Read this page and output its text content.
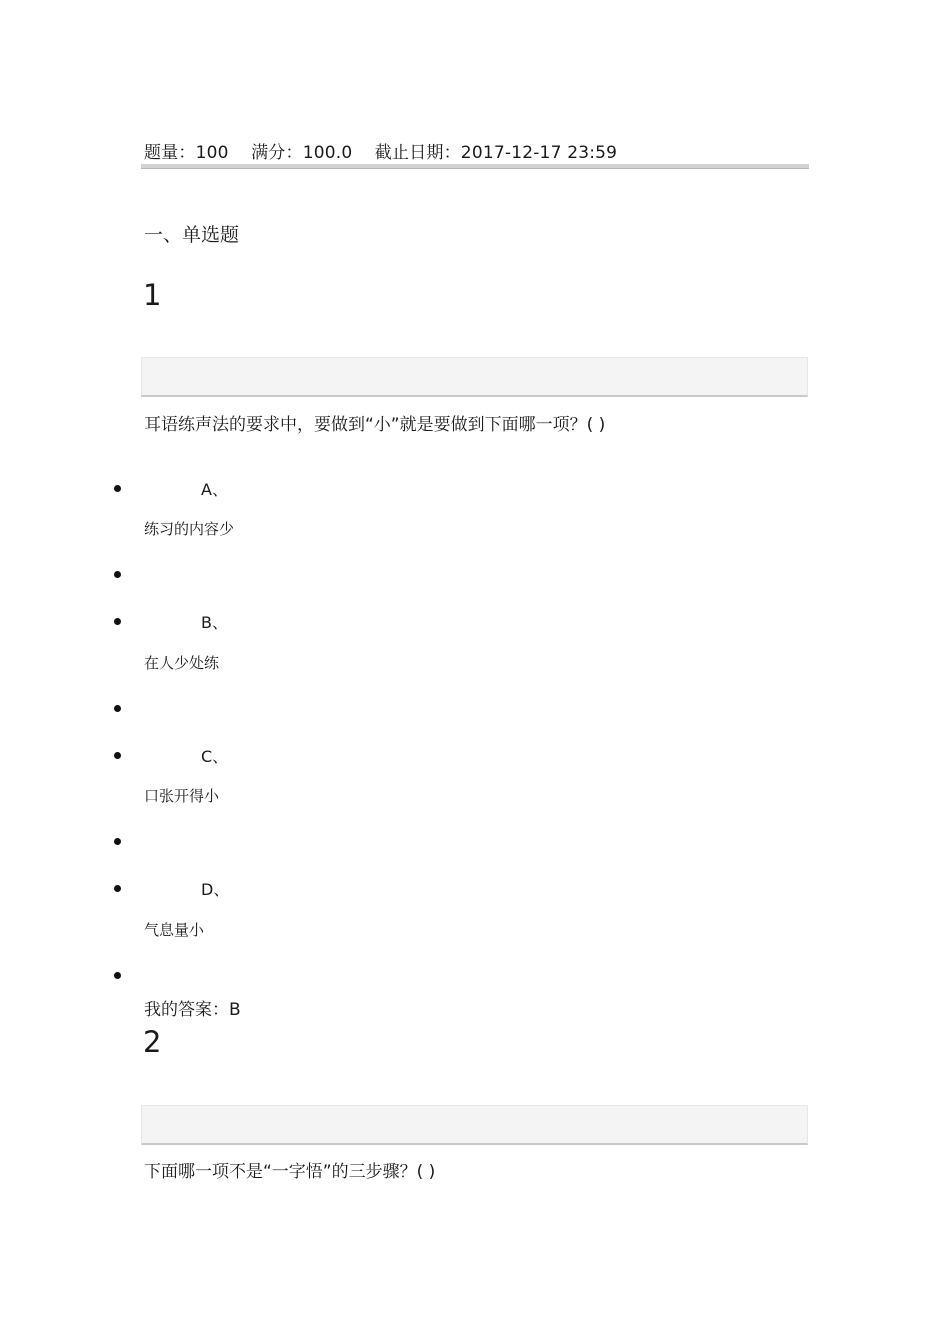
题量：100 满分：100.0 截止日期：2017-12-17 23:59
一、单选题
1
耳语练声法的要求中，要做到“小”就是要做到下面哪一项？( )
A、
练习的内容少
B、
在人少处练
C、
口张开得小
D、
气息量小
我的答案：B
2
下面哪一项不是“一字悟”的三步骤？( )
